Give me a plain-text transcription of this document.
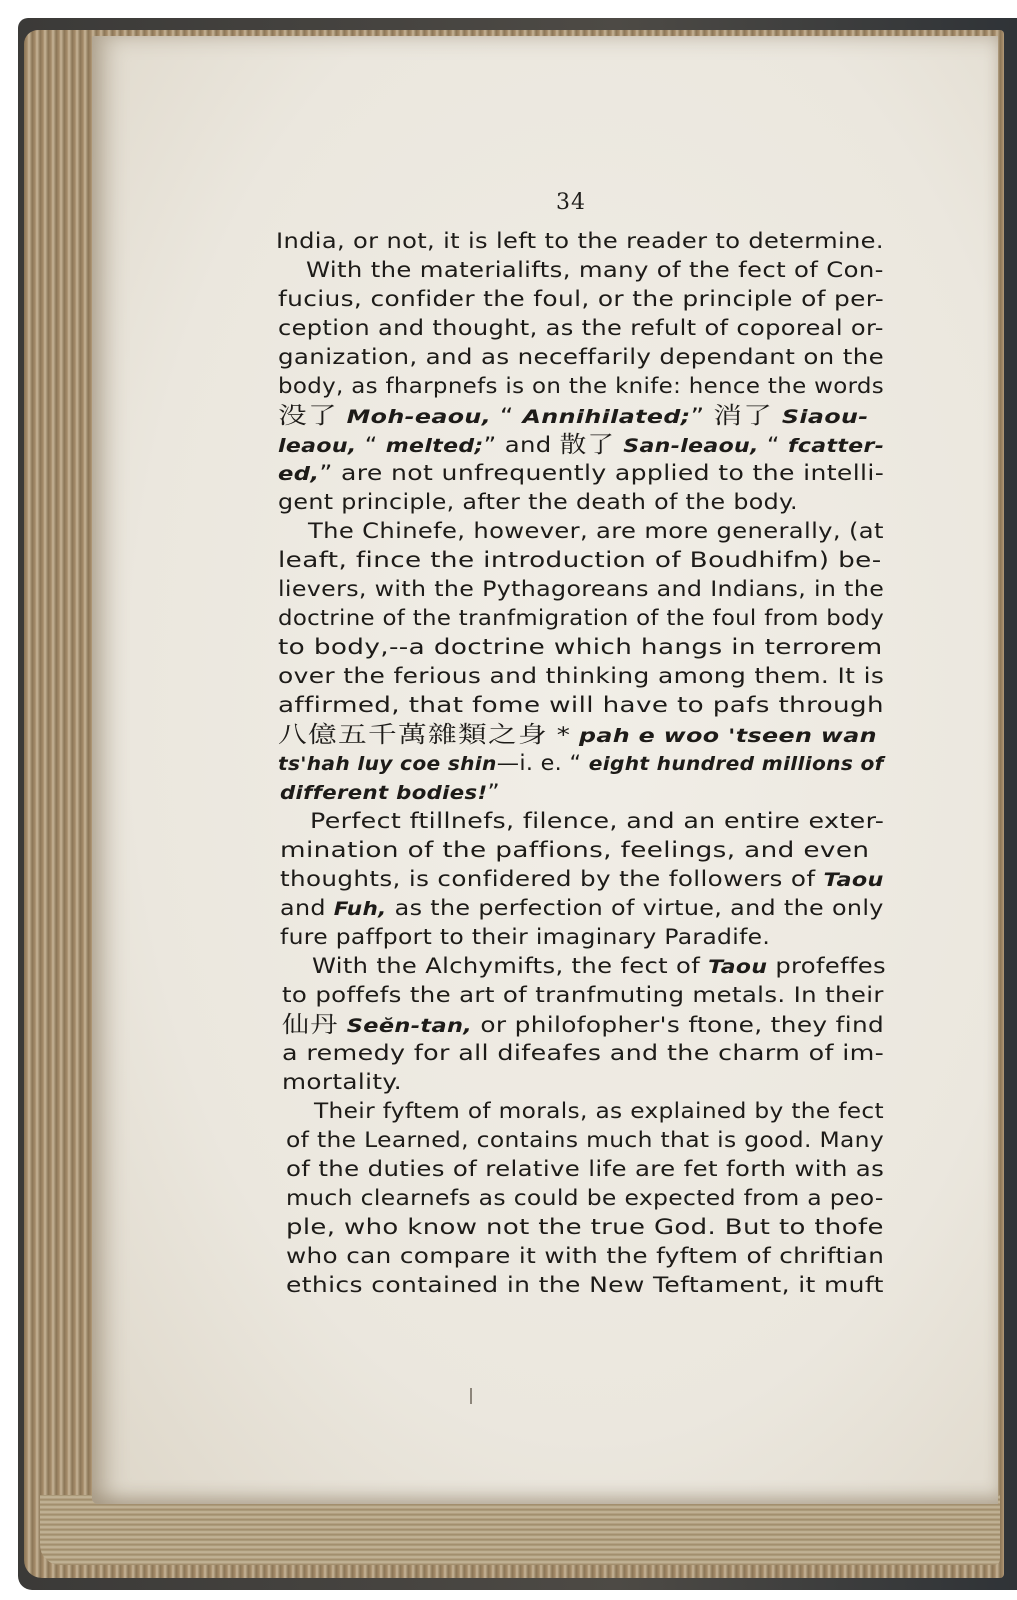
34
India, or not, it is left to the reader to determine.
With the materialifts, many of the fect of Con-
fucius, confider the foul, or the principle of per-
ception and thought, as the refult of coporeal or-
ganization, and as neceffarily dependant on the
body, as fharpnefs is on the knife: hence the words
没了 Moh-eaou, “ Annihilated;” 消了 Siaou-
leaou, “ melted;” and 散了 San-leaou, “ fcatter-
ed,” are not unfrequently applied to the intelli-
gent principle, after the death of the body.
The Chinefe, however, are more generally, (at
leaft, fince the introduction of Boudhifm) be-
lievers, with the Pythagoreans and Indians, in the
doctrine of the tranfmigration of the foul from body
to body,--a doctrine which hangs in terrorem
over the ferious and thinking among them. It is
affirmed, that fome will have to pafs through
八億五千萬雜類之身 * pah e woo 'tseen wan
ts'hah luy coe shin—i. e. “ eight hundred millions of
different bodies!”
Perfect ftillnefs, filence, and an entire exter-
mination of the paffions, feelings, and even
thoughts, is confidered by the followers of Taou
and Fuh, as the perfection of virtue, and the only
fure paffport to their imaginary Paradife.
With the Alchymifts, the fect of Taou profeffes
to poffefs the art of tranfmuting metals. In their
仙丹 Seĕn-tan, or philofopher's ftone, they find
a remedy for all difeafes and the charm of im-
mortality.
Their fyftem of morals, as explained by the fect
of the Learned, contains much that is good. Many
of the duties of relative life are fet forth with as
much clearnefs as could be expected from a peo-
ple, who know not the true God. But to thofe
who can compare it with the fyftem of chriftian
ethics contained in the New Teftament, it muft
